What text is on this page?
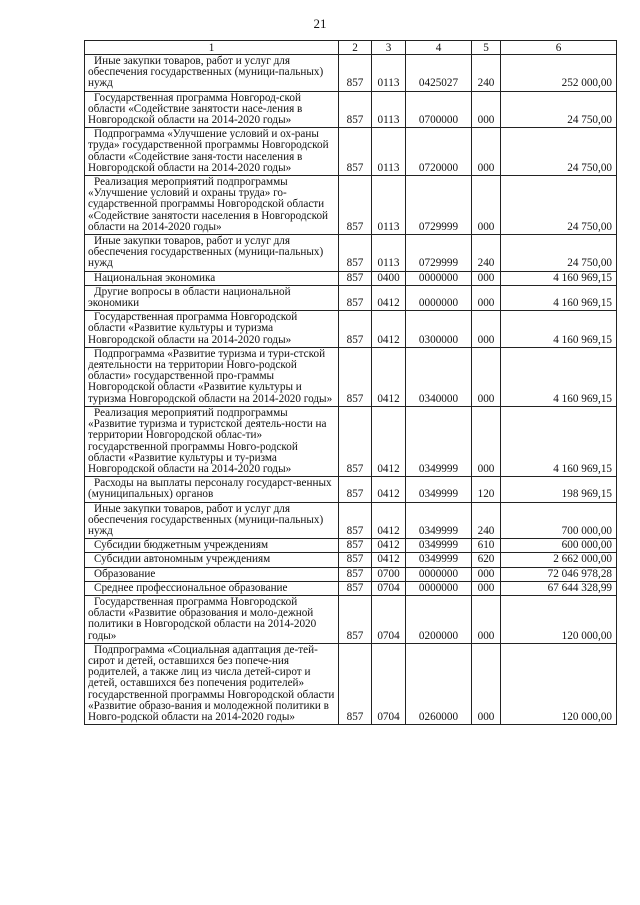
21
1	2	3	4	5	6
Иные закупки товаров, работ и услуг для обеспечения государственных (муници-пальных) нужд	857	0113	0425027	240	252 000,00
Государственная программа Новгород-ской области «Содействие занятости насе-ления в Новгородской области на 2014-2020 годы»	857	0113	0700000	000	24 750,00
Подпрограмма «Улучшение условий и ох-раны труда» государственной программы Новгородской области «Содействие заня-тости населения в Новгородской области на 2014-2020 годы»	857	0113	0720000	000	24 750,00
Реализация мероприятий подпрограммы «Улучшение условий и охраны труда» го-сударственной программы Новгородской области «Содействие занятости населения в Новгородской области на 2014-2020 годы»	857	0113	0729999	000	24 750,00
Иные закупки товаров, работ и услуг для обеспечения государственных (муници-пальных) нужд	857	0113	0729999	240	24 750,00
Национальная экономика	857	0400	0000000	000	4 160 969,15
Другие вопросы в области национальной экономики	857	0412	0000000	000	4 160 969,15
Государственная программа Новгородской области «Развитие культуры и туризма Новгородской области на 2014-2020 годы»	857	0412	0300000	000	4 160 969,15
Подпрограмма «Развитие туризма и тури-стской деятельности на территории Новго-родской области» государственной про-граммы Новгородской области «Развитие культуры и туризма Новгородской области на 2014-2020 годы»	857	0412	0340000	000	4 160 969,15
Реализация мероприятий подпрограммы «Развитие туризма и туристской деятель-ности на территории Новгородской облас-ти» государственной программы Новго-родской области «Развитие культуры и ту-ризма Новгородской области на 2014-2020 годы»	857	0412	0349999	000	4 160 969,15
Расходы на выплаты персоналу государст-венных (муниципальных) органов	857	0412	0349999	120	198 969,15
Иные закупки товаров, работ и услуг для обеспечения государственных (муници-пальных) нужд	857	0412	0349999	240	700 000,00
Субсидии бюджетным учреждениям	857	0412	0349999	610	600 000,00
Субсидии автономным учреждениям	857	0412	0349999	620	2 662 000,00
Образование	857	0700	0000000	000	72 046 978,28
Среднее профессиональное образование	857	0704	0000000	000	67 644 328,99
Государственная программа Новгородской области «Развитие образования и моло-дежной политики в Новгородской области на 2014-2020 годы»	857	0704	0200000	000	120 000,00
Подпрограмма «Социальная адаптация де-тей-сирот и детей, оставшихся без попече-ния родителей, а также лиц из числа детей-сирот и детей, оставшихся без попечения родителей» государственной программы Новгородской области «Развитие образо-вания и молодежной политики в Новго-родской области на 2014-2020 годы»	857	0704	0260000	000	120 000,00
